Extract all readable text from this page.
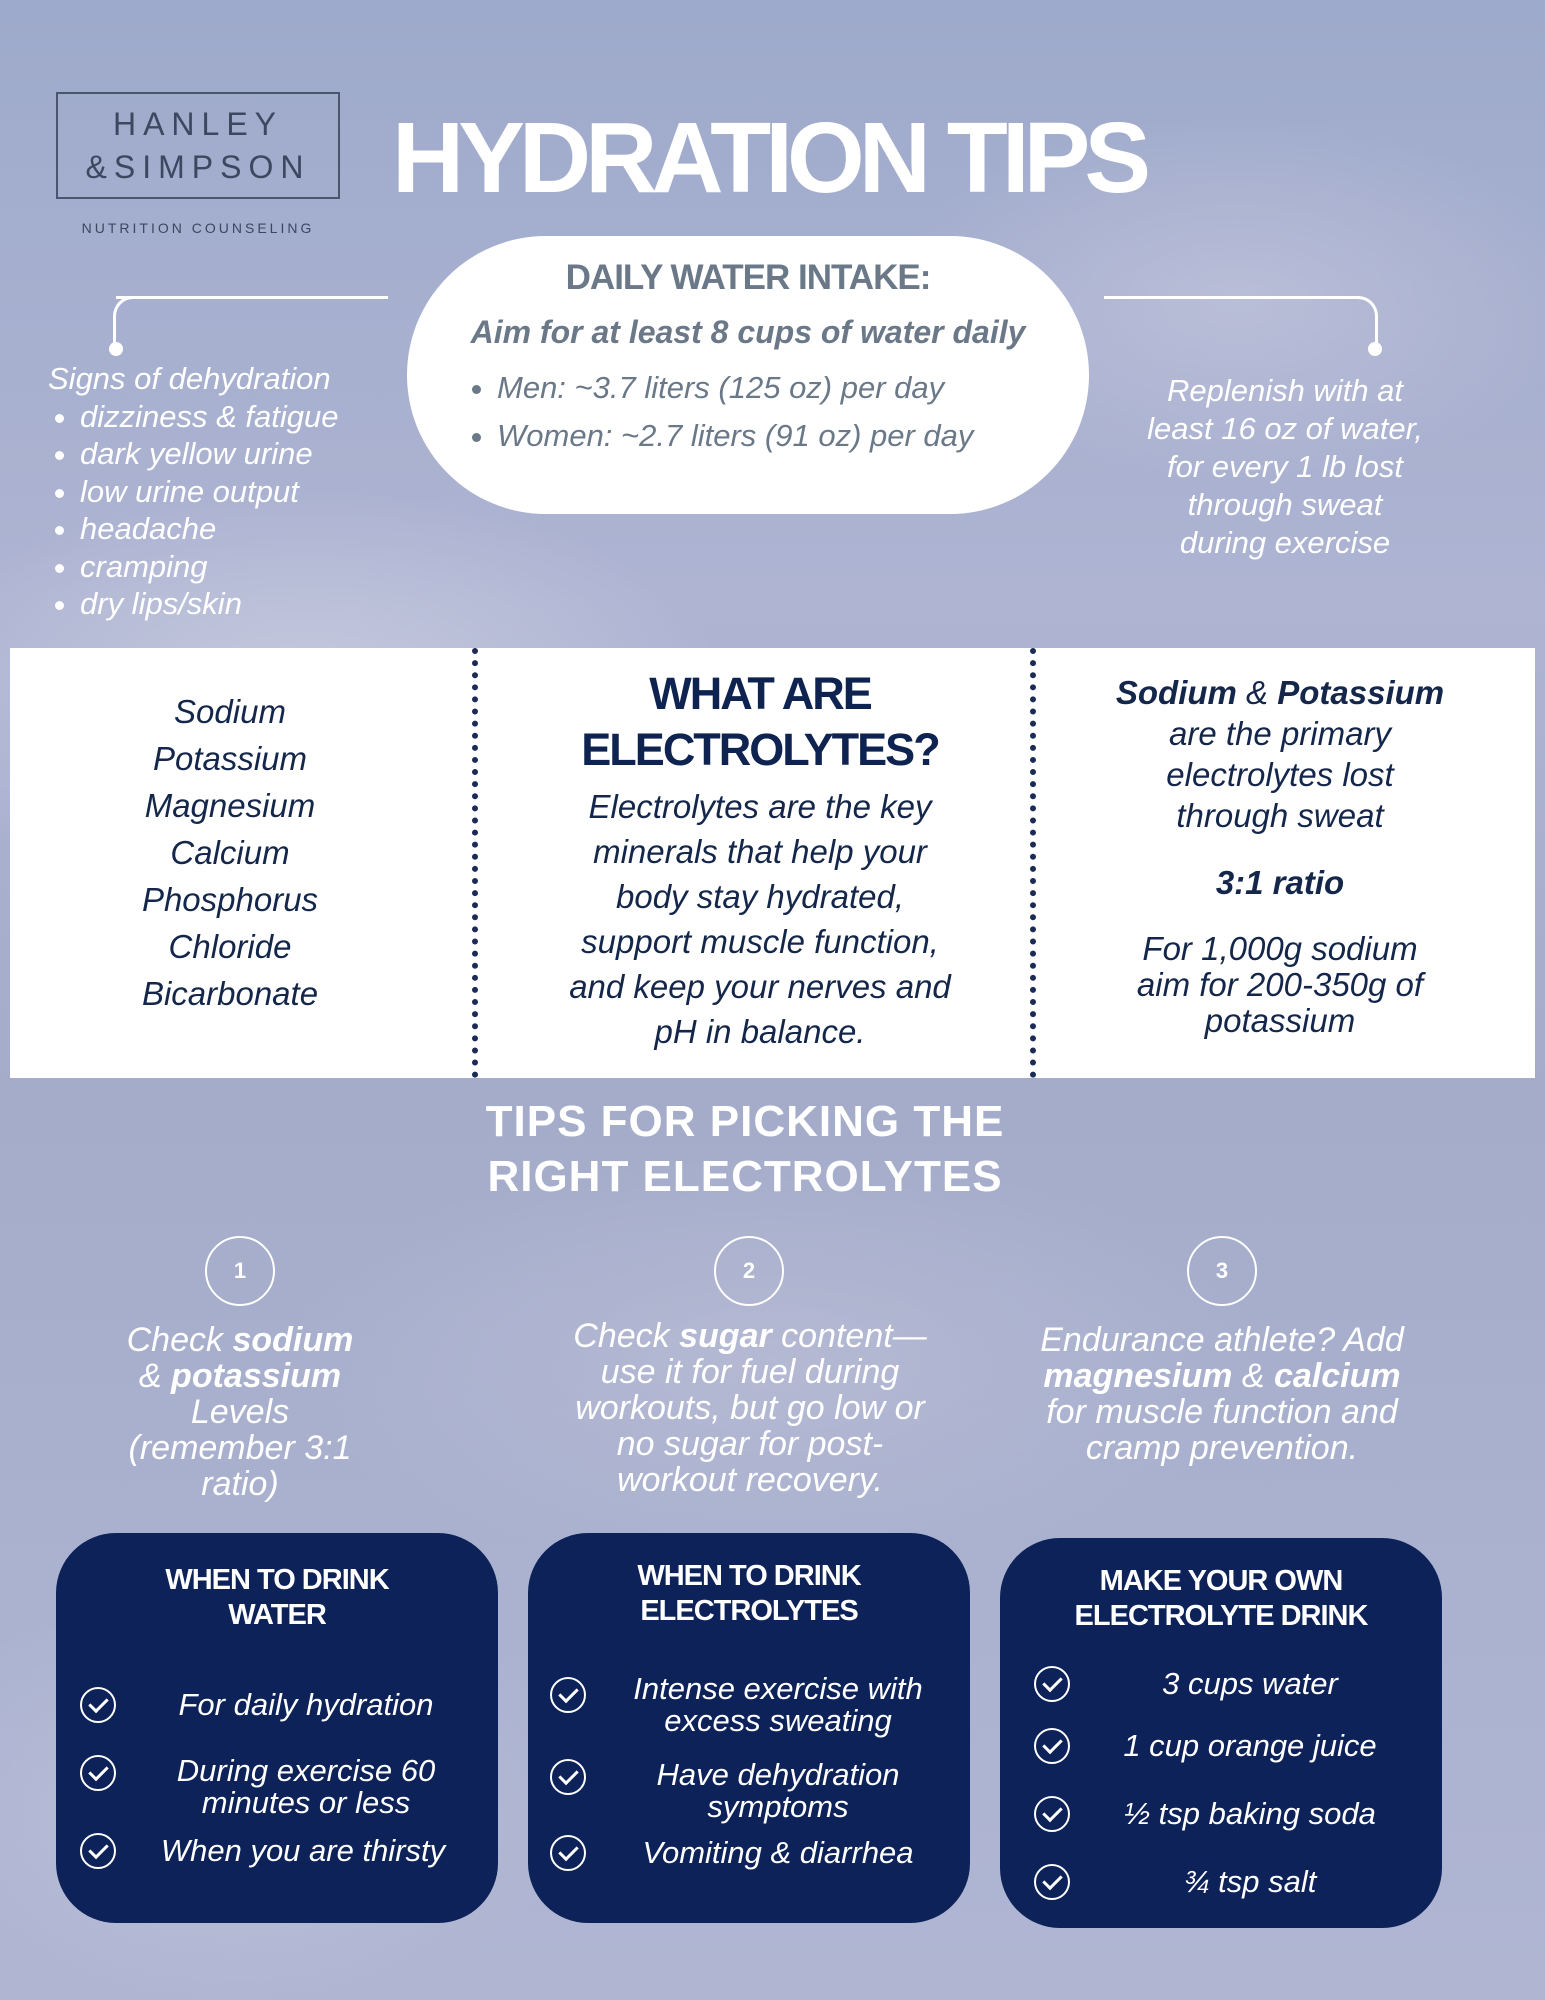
HANLEY
&SIMPSON
NUTRITION COUNSELING
HYDRATION TIPS
DAILY WATER INTAKE:
Aim for at least 8 cups of water daily
• Men: ~3.7 liters (125 oz) per day
• Women: ~2.7 liters (91 oz) per day
Signs of dehydration
• dizziness & fatigue
• dark yellow urine
• low urine output
• headache
• cramping
• dry lips/skin
Replenish with at
least 16 oz of water,
for every 1 lb lost
through sweat
during exercise
Sodium
Potassium
Magnesium
Calcium
Phosphorus
Chloride
Bicarbonate
WHAT ARE
ELECTROLYTES?
Electrolytes are the key
minerals that help your
body stay hydrated,
support muscle function,
and keep your nerves and
pH in balance.
Sodium & Potassium
are the primary
electrolytes lost
through sweat
3:1 ratio
For 1,000g sodium
aim for 200-350g of
potassium
TIPS FOR PICKING THE
RIGHT ELECTROLYTES
1	2	3
Check sodium
& potassium
Levels
(remember 3:1
ratio)
Check sugar content—
use it for fuel during
workouts, but go low or
no sugar for post-
workout recovery.
Endurance athlete? Add
magnesium & calcium
for muscle function and
cramp prevention.
WHEN TO DRINK
WATER
For daily hydration
During exercise 60
minutes or less
When you are thirsty
WHEN TO DRINK
ELECTROLYTES
Intense exercise with
excess sweating
Have dehydration
symptoms
Vomiting & diarrhea
MAKE YOUR OWN
ELECTROLYTE DRINK
3 cups water
1 cup orange juice
½ tsp baking soda
¾ tsp salt
